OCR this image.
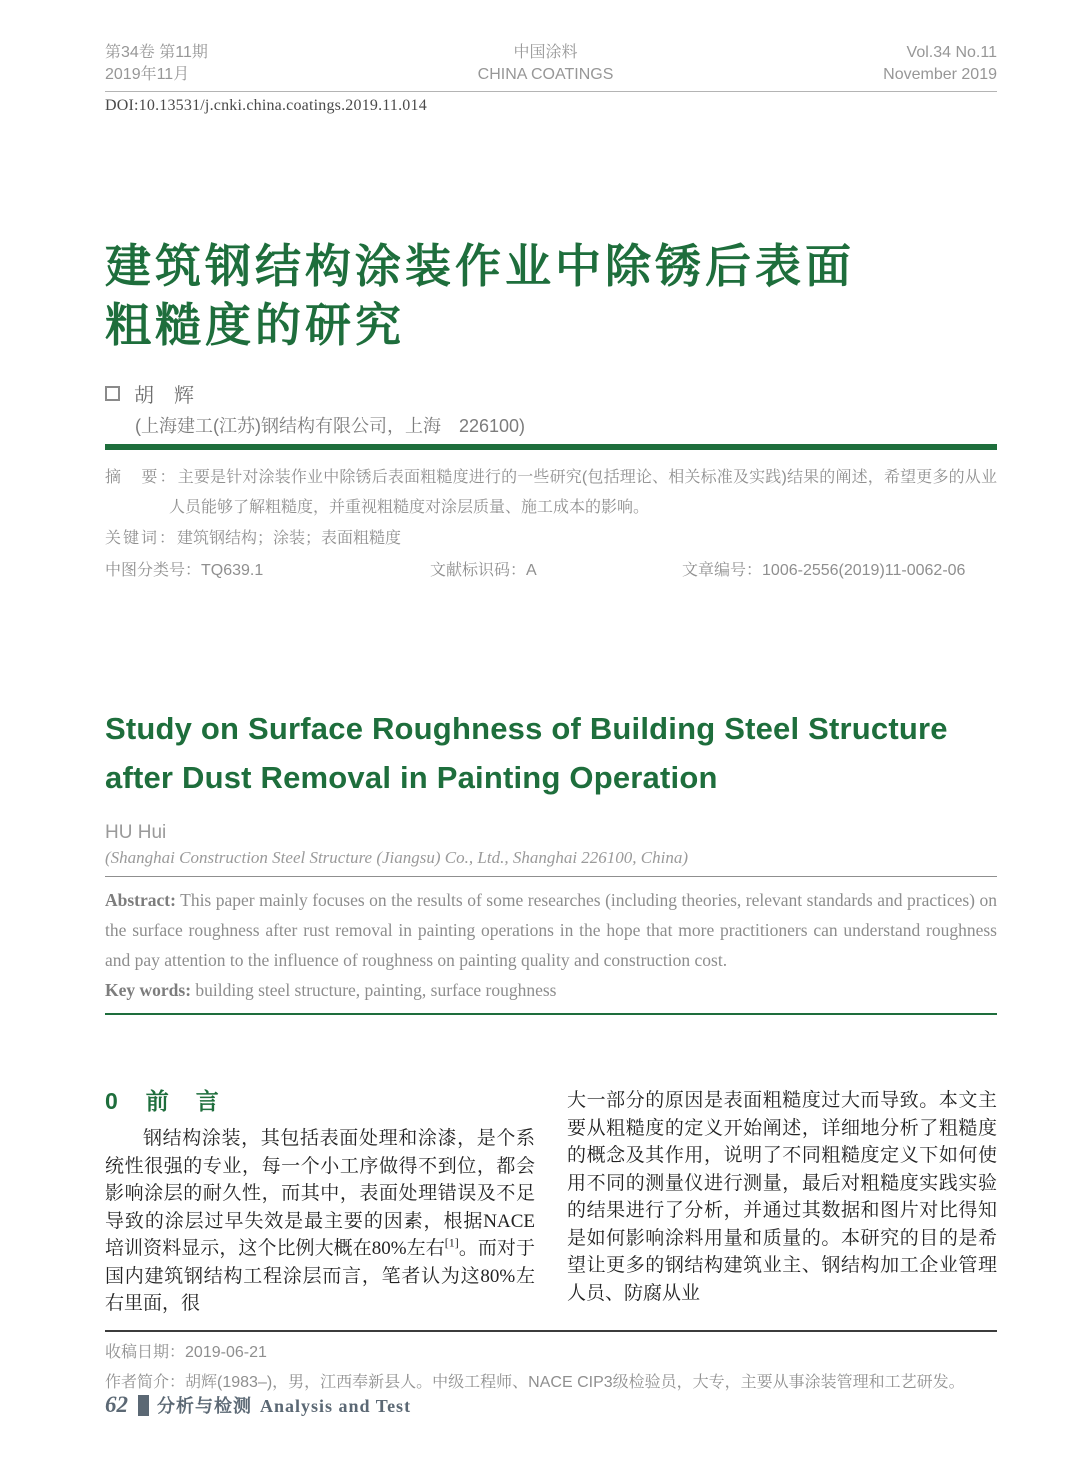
第34卷 第11期
2019年11月
中国涂料
CHINA COATINGS
Vol.34 No.11
November 2019
DOI:10.13531/j.cnki.china.coatings.2019.11.014
建筑钢结构涂装作业中除锈后表面
粗糙度的研究
胡　辉
(上海建工(江苏)钢结构有限公司，上海　226100)
摘　要：主要是针对涂装作业中除锈后表面粗糙度进行的一些研究(包括理论、相关标准及实践)结果的阐述，希望更多的从业人员能够了解粗糙度，并重视粗糙度对涂层质量、施工成本的影响。
关键词：建筑钢结构；涂装；表面粗糙度
中图分类号：TQ639.1	文献标识码：A	文章编号：1006-2556(2019)11-0062-06
Study on Surface Roughness of Building Steel Structure
after Dust Removal in Painting Operation
HU Hui
(Shanghai Construction Steel Structure (Jiangsu) Co., Ltd., Shanghai 226100, China)
Abstract: This paper mainly focuses on the results of some researches (including theories, relevant standards and practices) on the surface roughness after rust removal in painting operations in the hope that more practitioners can understand roughness and pay attention to the influence of roughness on painting quality and construction cost.
Key words: building steel structure, painting, surface roughness
0 前　言

钢结构涂装，其包括表面处理和涂漆，是个系统性很强的专业，每一个小工序做得不到位，都会影响涂层的耐久性，而其中，表面处理错误及不足导致的涂层过早失效是最主要的因素，根据NACE培训资料显示，这个比例大概在80%左右[1]。而对于国内建筑钢结构工程涂层而言，笔者认为这80%左右里面，很

大一部分的原因是表面粗糙度过大而导致。本文主要从粗糙度的定义开始阐述，详细地分析了粗糙度的概念及其作用，说明了不同粗糙度定义下如何使用不同的测量仪进行测量，最后对粗糙度实践实验的结果进行了分析，并通过其数据和图片对比得知是如何影响涂料用量和质量的。本研究的目的是希望让更多的钢结构建筑业主、钢结构加工企业管理人员、防腐从业

收稿日期：2019-06-21
作者简介：胡辉(1983–)，男，江西奉新县人。中级工程师、NACE CIP3级检验员，大专，主要从事涂装管理和工艺研发。
62 分析与检测 Analysis and Test
